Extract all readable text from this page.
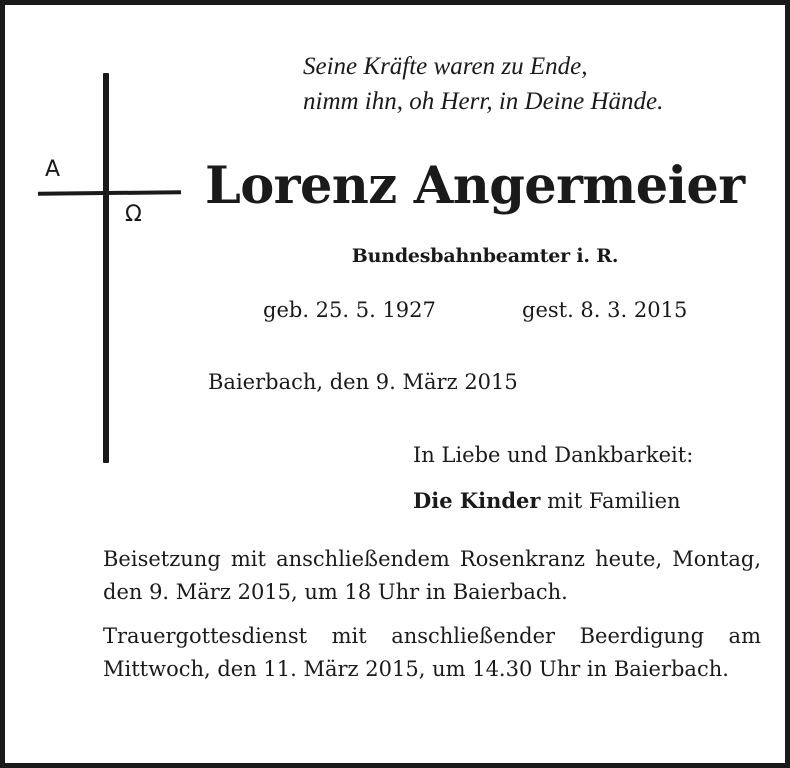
A
Ω
Seine Kräfte waren zu Ende,
nimm ihn, oh Herr, in Deine Hände.
Lorenz Angermeier
Bundesbahnbeamter i. R.
geb. 25. 5. 1927	gest. 8. 3. 2015
Baierbach, den 9. März 2015
In Liebe und Dankbarkeit:
Die Kinder mit Familien

Beisetzung mit anschließendem Rosenkranz heute, Montag, den 9. März 2015, um 18 Uhr in Baierbach.

Trauergottesdienst mit anschließender Beerdigung am Mittwoch, den 11. März 2015, um 14.30 Uhr in Baierbach.
